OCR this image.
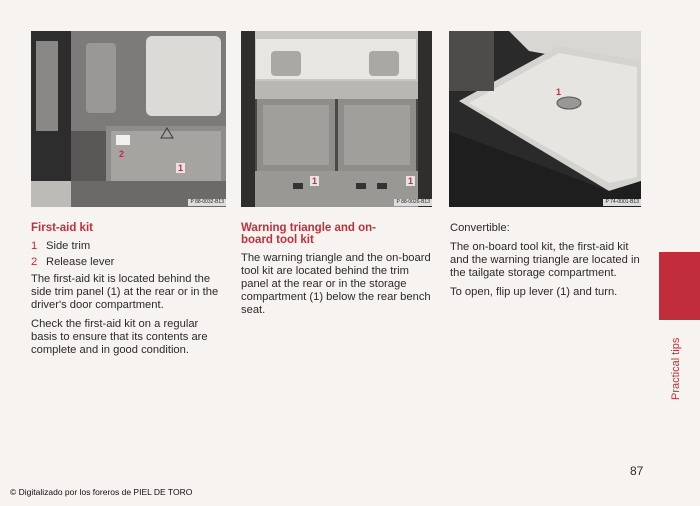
2
1
P 88-0032-B13
1	1
P 88-0026-B13
1
P 74-0001-B13
First-aid kit
1 Side trim
2 Release lever
The first-aid kit is located behind the side trim panel (1) at the rear or in the driver's door compartment.
Check the first-aid kit on a regular basis to ensure that its contents are complete and in good condition.
Warning triangle and on-board tool kit
The warning triangle and the on-board tool kit are located behind the trim panel at the rear or in the storage compartment (1) below the rear bench seat.
Convertible:
The on-board tool kit, the first-aid kit and the warning triangle are located in the tailgate storage compartment.
To open, flip up lever (1) and turn.
Practical tips
87
© Digitalizado por los foreros de PIEL DE TORO
